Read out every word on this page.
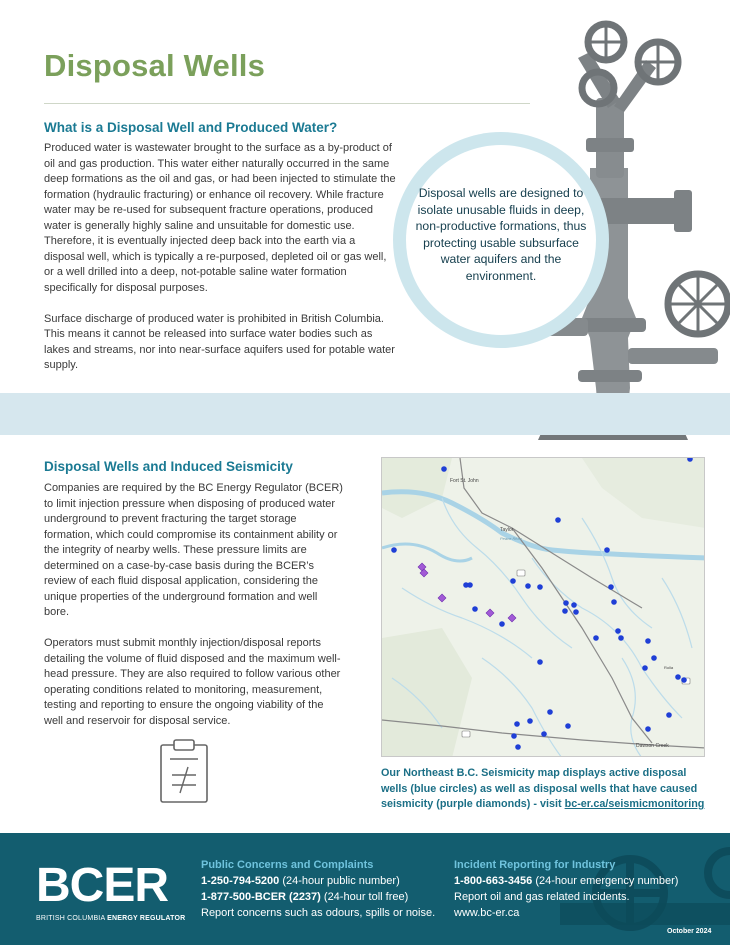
Disposal Wells
What is a Disposal Well and Produced Water?

Produced water is wastewater brought to the surface as a by-product of oil and gas production. This water either naturally occurred in the same deep formations as the oil and gas, or had been injected to stimulate the formation (hydraulic fracturing) or enhance oil recovery. While fracture water may be re-used for subsequent fracture operations, produced water is generally highly saline and unsuitable for domestic use. Therefore, it is eventually injected deep back into the earth via a disposal well, which is typically a re-purposed, depleted oil or gas well, or a well drilled into a deep, not-potable saline water formation specifically for disposal purposes.

Surface discharge of produced water is prohibited in British Columbia. This means it cannot be released into surface water bodies such as lakes and streams, nor into near-surface aquifers used for potable water supply.

Disposal wells are designed to isolate unusable fluids in deep, non-productive formations, thus protecting usable subsurface water aquifers and the environment.
Disposal Wells and Induced Seismicity

Companies are required by the BC Energy Regulator (BCER) to limit injection pressure when disposing of produced water underground to prevent fracturing the target storage formation, which could compromise its containment ability or the integrity of nearby wells. These pressure limits are determined on a case-by-case basis during the BCER’s review of each fluid disposal application, considering the unique properties of the underground formation and well bore.

Operators must submit monthly injection/disposal reports detailing the volume of fluid disposed and the maximum well-head pressure. They are also required to follow various other operating conditions related to monitoring, measurement, testing and reporting to ensure the ongoing viability of the well and reservoir for disposal service.

Fort St. John
Taylor
Peace River
Dawson Creek
Rolla
Our Northeast B.C. Seismicity map displays active disposal wells (blue circles) as well as disposal wells that have caused seismicity (purple diamonds) - visit bc-er.ca/seismicmonitoring
BCER
BRITISH COLUMBIA ENERGY REGULATOR
Public Concerns and Complaints
1-250-794-5200 (24-hour public number)
1-877-500-BCER (2237) (24-hour toll free)
Report concerns such as odours, spills or noise.
Incident Reporting for Industry
1-800-663-3456 (24-hour emergency number)
Report oil and gas related incidents.
www.bc-er.ca
October 2024
